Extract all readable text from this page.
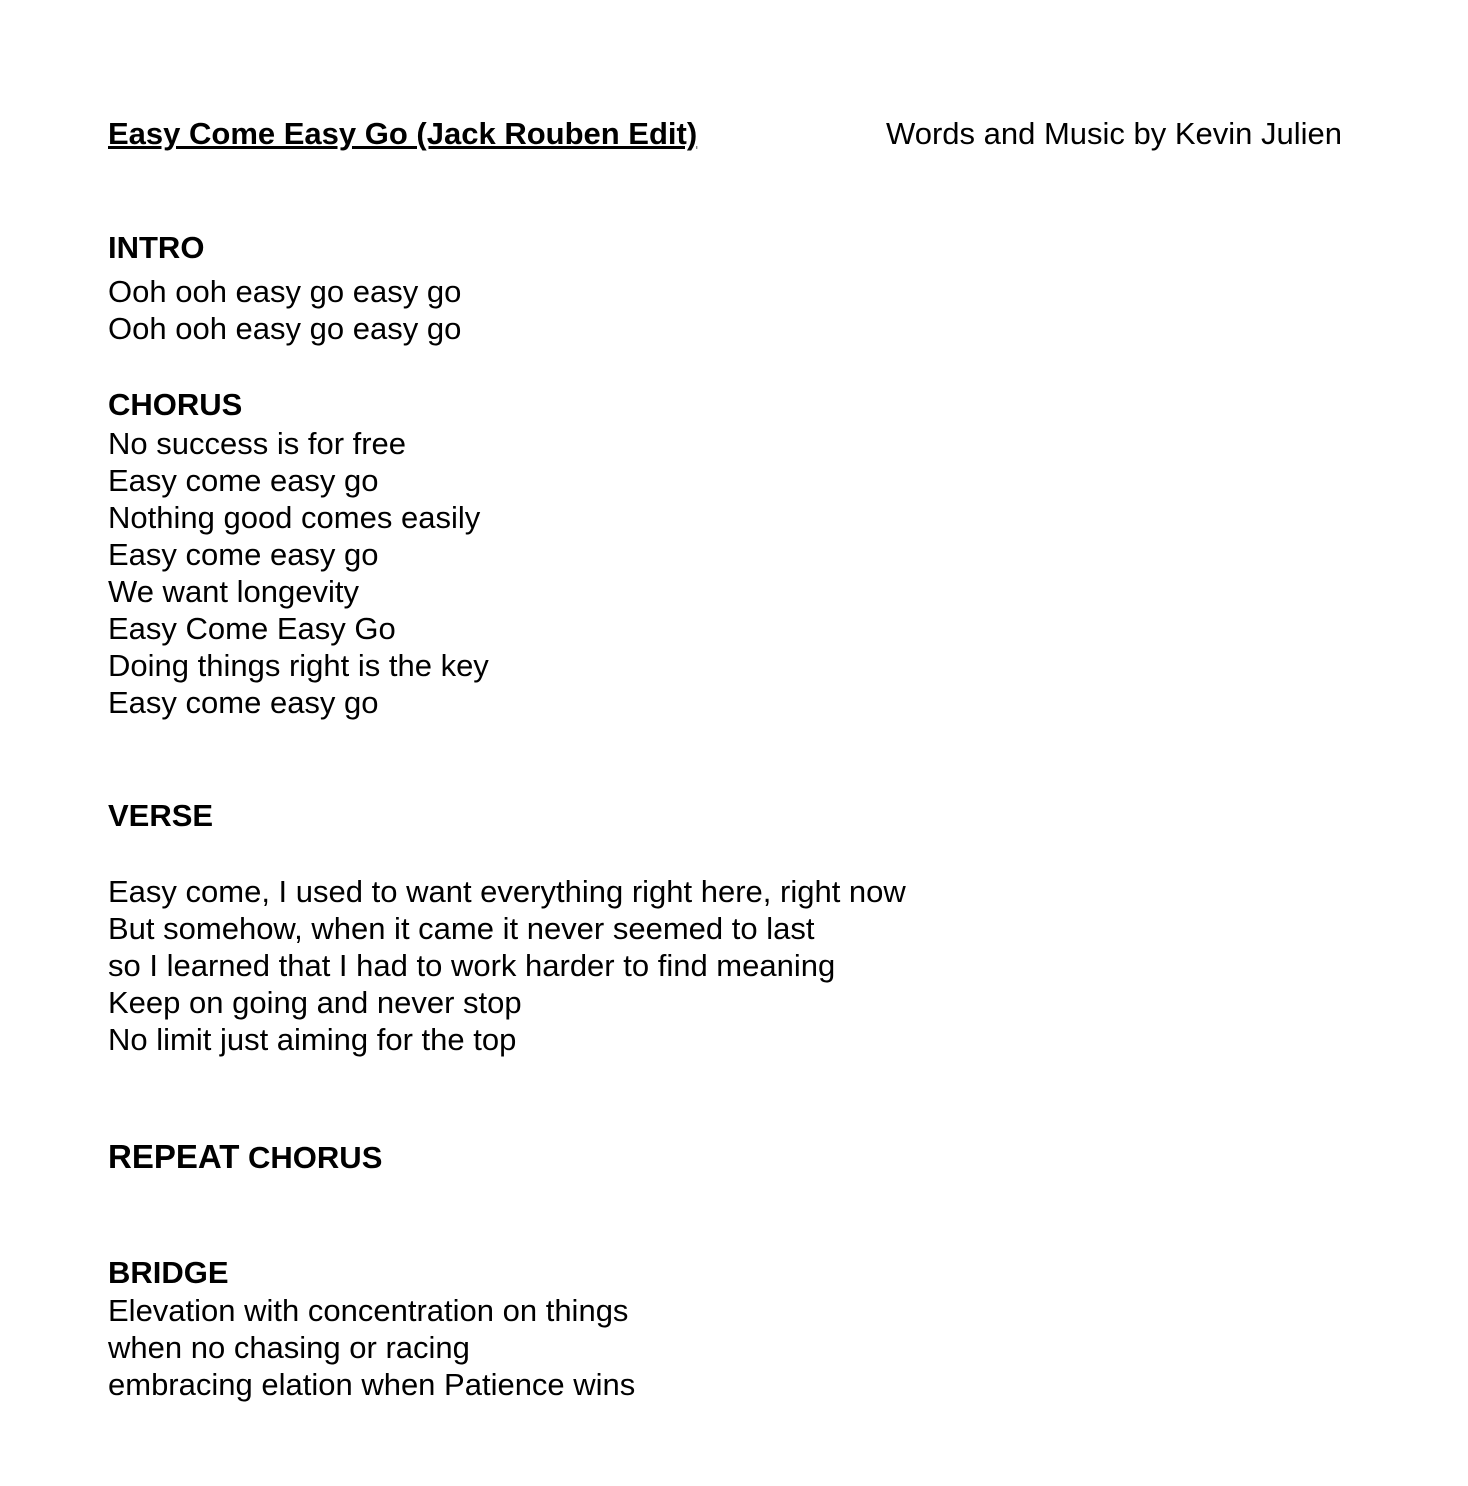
Easy Come Easy Go (Jack Rouben Edit)	Words and Music by Kevin Julien
INTRO
Ooh ooh easy go easy go
Ooh ooh easy go easy go
CHORUS
No success is for free
Easy come easy go
Nothing good comes easily
Easy come easy go
We want longevity
Easy Come Easy Go
Doing things right is the key
Easy come easy go
VERSE
Easy come, I used to want everything right here, right now
But somehow, when it came it never seemed to last
so I learned that I had to work harder to find meaning
Keep on going and never stop
No limit just aiming for the top
REPEAT CHORUS
BRIDGE
Elevation with concentration on things
when no chasing or racing
embracing elation when Patience wins
